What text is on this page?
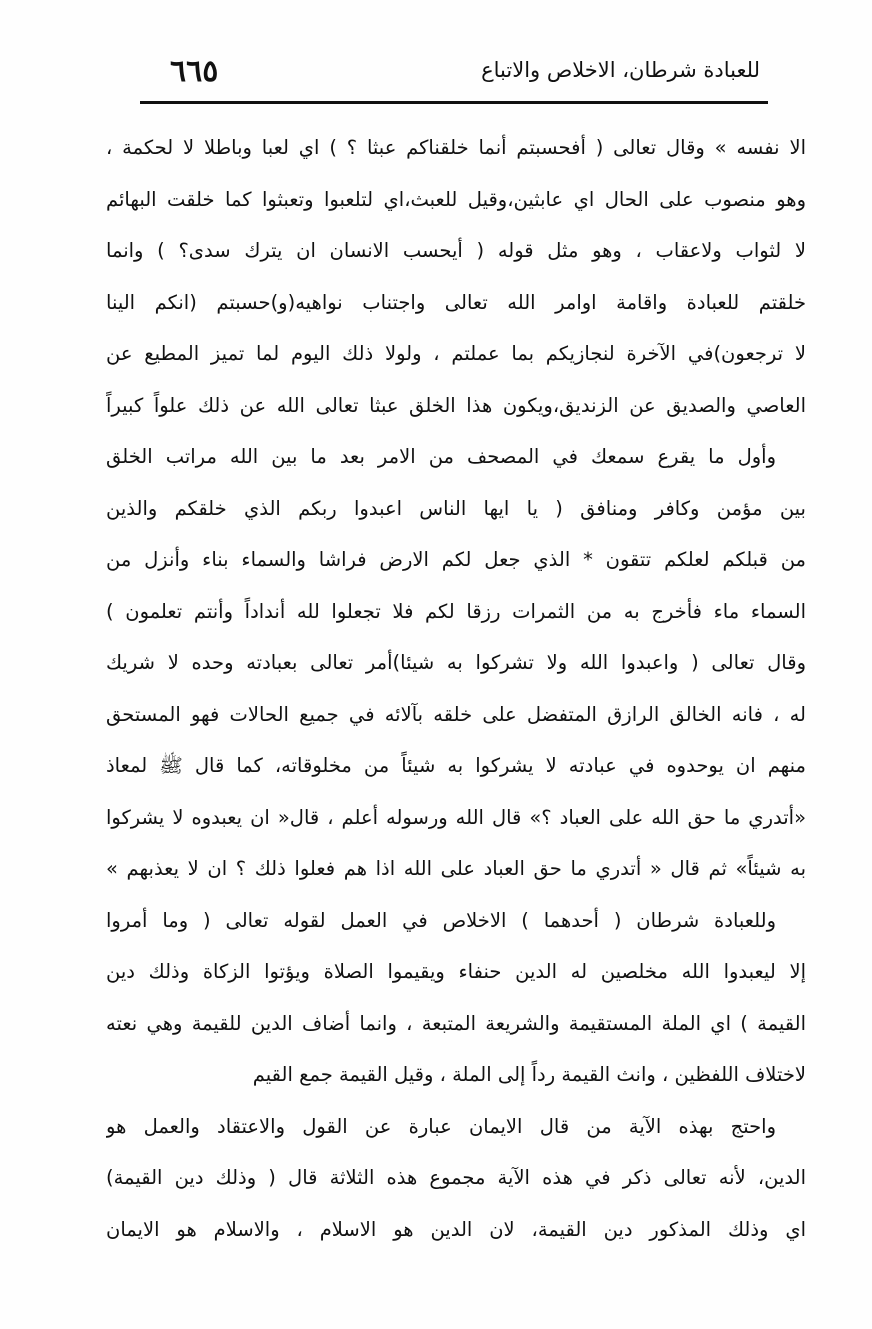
٦٦٥	للعبادة شرطان، الاخلاص والاتباع
الا نفسه » وقال تعالى ( أفحسبتم أنما خلقناكم عبثا ؟ ) اي لعبا وباطلا لا لحكمة ،
وهو منصوب على الحال اي عابثين،وقيل للعبث،اي لتلعبوا وتعبثوا كما خلقت البهائم
لا لثواب ولاعقاب ، وهو مثل قوله ( أيحسب الانسان ان يترك سدى؟ ) وانما
خلقتم للعبادة واقامة اوامر الله تعالى واجتناب نواهيه(و)حسبتم (انكم الينا
لا ترجعون)في الآخرة لنجازيكم بما عملتم ، ولولا ذلك اليوم لما تميز المطيع عن
العاصي والصديق عن الزنديق،ويكون هذا الخلق عبثا تعالى الله عن ذلك علواً كبيراً
وأول ما يقرع سمعك في المصحف من الامر بعد ما بين الله مراتب الخلق
بين مؤمن وكافر ومنافق ( يا ايها الناس اعبدوا ربكم الذي خلقكم والذين
من قبلكم لعلكم تتقون * الذي جعل لكم الارض فراشا والسماء بناء وأنزل من
السماء ماء فأخرج به من الثمرات رزقا لكم فلا تجعلوا لله أنداداً وأنتم تعلمون )
وقال تعالى ( واعبدوا الله ولا تشركوا به شيئا)أمر تعالى بعبادته وحده لا شريك
له ، فانه الخالق الرازق المتفضل على خلقه بآلائه في جميع الحالات فهو المستحق
منهم ان يوحدوه في عبادته لا يشركوا به شيئاً من مخلوقاته، كما قال ﷺ لمعاذ
«أتدري ما حق الله على العباد ؟» قال الله ورسوله أعلم ، قال« ان يعبدوه لا يشركوا
به شيئاً» ثم قال « أتدري ما حق العباد على الله اذا هم فعلوا ذلك ؟ ان لا يعذبهم »
وللعبادة شرطان ( أحدهما ) الاخلاص في العمل لقوله تعالى ( وما أمروا
إلا ليعبدوا الله مخلصين له الدين حنفاء ويقيموا الصلاة ويؤتوا الزكاة وذلك دين
القيمة ) اي الملة المستقيمة والشريعة المتبعة ، وانما أضاف الدين للقيمة وهي نعته
لاختلاف اللفظين ، وانث القيمة رداً إلى الملة ، وقيل القيمة جمع القيم
واحتج بهذه الآية من قال الايمان عبارة عن القول والاعتقاد والعمل هو
الدين، لأنه تعالى ذكر في هذه الآية مجموع هذه الثلاثة قال ( وذلك دين القيمة)
اي وذلك المذكور دين القيمة، لان الدين هو الاسلام ، والاسلام هو الايمان
